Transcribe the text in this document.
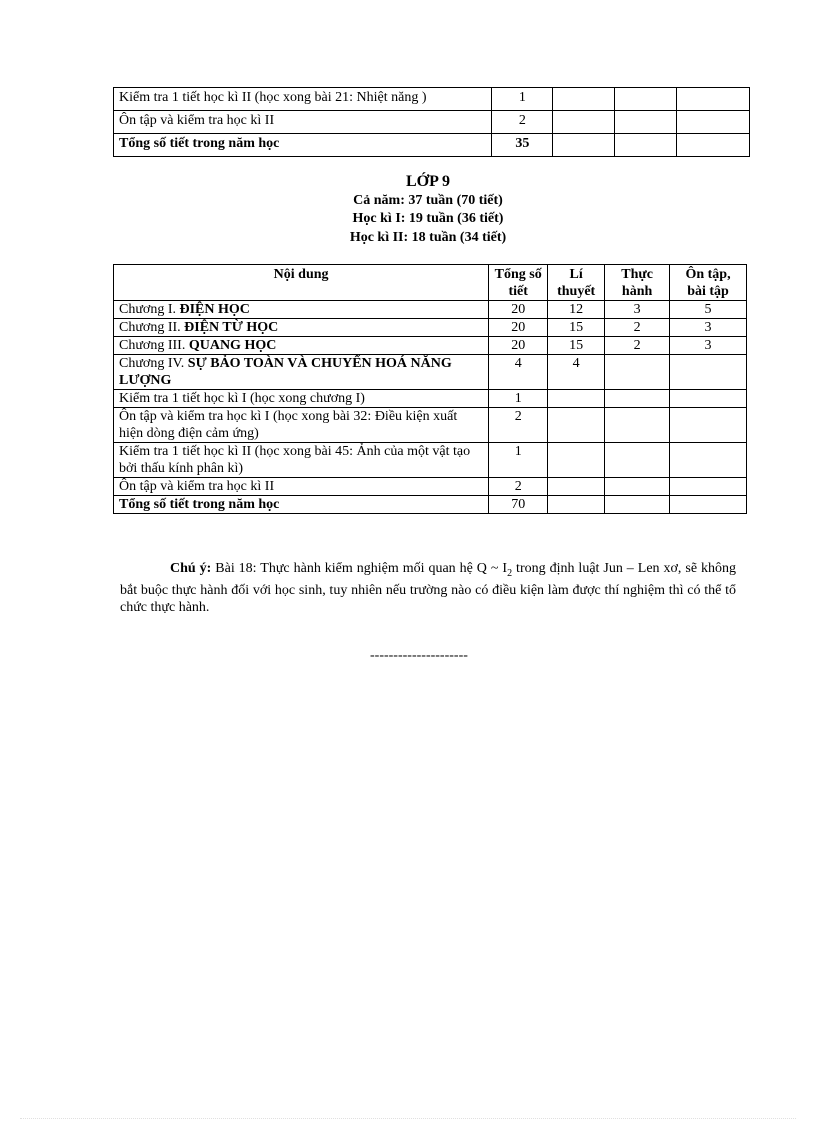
Kiểm tra 1 tiết học kì II (học xong bài 21: Nhiệt năng )	1			
Ôn tập và kiểm tra học kì II	2			
Tổng số tiết trong năm học	35			
LỚP 9
Cả năm: 37 tuần (70 tiết)
Học kì I: 19 tuần (36 tiết)
Học kì II: 18 tuần (34 tiết)
Nội dung	Tổng số tiết	Lí thuyết	Thực hành	Ôn tập, bài tập
Chương I. ĐIỆN HỌC	20	12	3	5
Chương II. ĐIỆN TỪ HỌC	20	15	2	3
Chương III. QUANG HỌC	20	15	2	3
Chương IV. SỰ BẢO TOÀN VÀ CHUYỂN HOÁ NĂNG LƯỢNG	4	4		
Kiểm tra 1 tiết học kì I (học xong chương I)	1			
Ôn tập và kiểm tra học kì I (học xong bài 32: Điều kiện xuất hiện dòng điện cảm ứng)	2			
Kiểm tra 1 tiết học kì II (học xong bài 45: Ảnh của một vật tạo bởi thấu kính phân kì)	1			
Ôn tập và kiểm tra học kì II	2			
Tổng số tiết trong năm học	70			
Chú ý: Bài 18: Thực hành kiểm nghiệm mối quan hệ Q ~ $I_2$ trong định luật Jun – Len xơ, sẽ không bắt buộc thực hành đối với học sinh, tuy nhiên nếu trường nào có điều kiện làm được thí nghiệm thì có thể tổ chức thực hành.
---------------------
